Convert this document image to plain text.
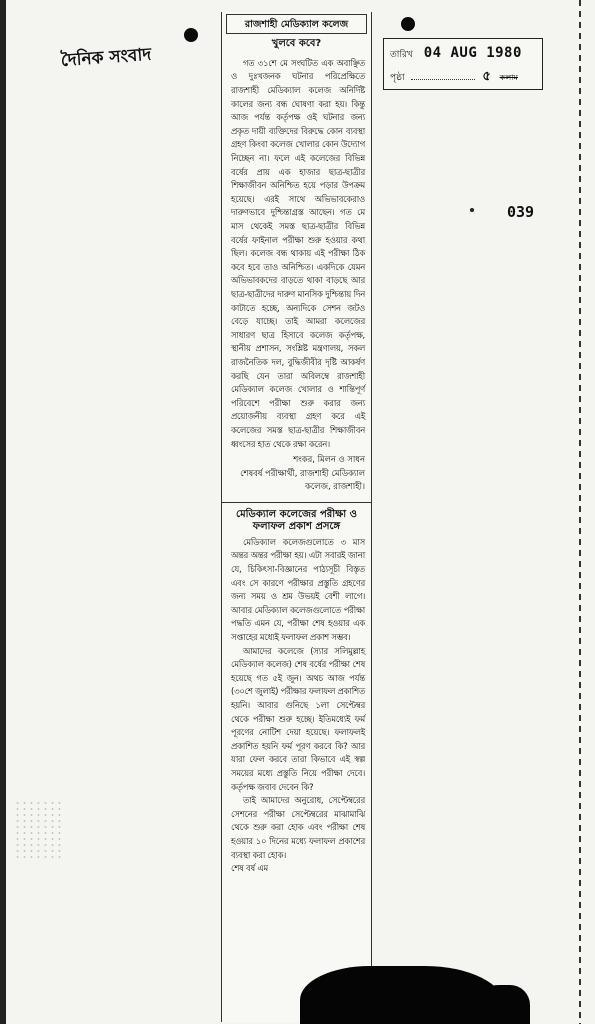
দৈনিক সংবাদ	তারিখ 04 AUG 1980
পৃষ্ঠা	৫ কলাম
039
রাজশাহী মেডিক্যাল কলেজ
খুলবে কবে?
গত ৩১শে মে সংঘটিত এক অবাঞ্ছিত ও দুঃখজনক ঘটনার পরিপ্রেক্ষিতে রাজশাহী মেডিক্যাল কলেজ অনির্দিষ্ট কালের জন্য বন্ধ ঘোষণা করা হয়। কিন্তু আজ পর্যন্ত কর্তৃপক্ষ ওই ঘটনার জন্য প্রকৃত দায়ী ব্যক্তিদের বিরুদ্ধে কোন ব্যবস্থা গ্রহণ কিংবা কলেজ খোলার কোন উদ্যোগ নিচ্ছেন না। ফলে এই কলেজের বিভিন্ন বর্ষের প্রায় এক হাজার ছাত্র-ছাত্রীর শিক্ষাজীবন অনিশ্চিত হয়ে পড়ার উপক্রম হয়েছে। এরই সাথে অভিভাবকেরাও দারুণভাবে দুশ্চিন্তাগ্রস্ত আছেন। গত মে মাস থেকেই সমস্ত ছাত্র-ছাত্রীর বিভিন্ন বর্ষের ফাইনাল পরীক্ষা শুরু হওয়ার কথা ছিল। কলেজ বন্ধ থাকায় এই পরীক্ষা ঠিক কবে হবে তাও অনিশ্চিত। একদিকে যেমন অভিভাবকদের বাড়তে থাকা বাড়ছে আর ছাত্র-ছাত্রীদের দারুণ মানসিক দুশ্চিন্তায় দিন কাটাতে হচ্ছে, অন্যদিকে সেশন জটও বেড়ে যাচ্ছে। তাই আমরা কলেজের সাধারণ ছাত্র হিসাবে কলেজ কর্তৃপক্ষ, স্থানীয় প্রশাসন, সংশ্লিষ্ট মন্ত্রণালয়, সকল রাজনৈতিক দল, বুদ্ধিজীবীর দৃষ্টি আকর্ষণ করছি যেন তারা অবিলম্বে রাজশাহী মেডিক্যাল কলেজ খোলার ও শান্তিপূর্ণ পরিবেশে পরীক্ষা শুরু করার জন্য প্রয়োজনীয় ব্যবস্থা গ্রহণ করে এই কলেজের সমস্ত ছাত্র-ছাত্রীর শিক্ষাজীবন ধ্বংসের হাত থেকে রক্ষা করেন।
শংকর, মিলন ও সাধন
শেষবর্ষ পরীক্ষার্থী, রাজশাহী মেডিক্যাল কলেজ, রাজশাহী।
মেডিক্যাল কলেজের পরীক্ষা ও ফলাফল প্রকাশ প্রসঙ্গে
মেডিক্যাল কলেজগুলোতে ৩ মাস অন্তর অন্তর পরীক্ষা হয়। এটা সবারই জানা যে, চিকিৎসা-বিজ্ঞানের পাঠ্যসূচী বিস্তৃত এবং সে কারণে পরীক্ষার প্রস্তুতি গ্রহণের জন্য সময় ও শ্রম উভয়ই বেশী লাগে। আবার মেডিক্যাল কলেজগুলোতে পরীক্ষা পদ্ধতি এমন যে, পরীক্ষা শেষ হওয়ার এক সপ্তাহের মধ্যেই ফলাফল প্রকাশ সম্ভব।
আমাদের কলেজে (স্যার সলিমুল্লাহ মেডিক্যাল কলেজ) শেষ বর্ষের পরীক্ষা শেষ হয়েছে গত ৫ই জুন। অথচ আজ পর্যন্ত (৩০শে জুলাই) পরীক্ষার ফলাফল প্রকাশিত হয়নি। আবার গুনিছে ১লা সেপ্টেম্বর থেকে পরীক্ষা শুরু হচ্ছে। ইতিমধ্যেই ফর্ম পূরণের নোটিশ দেয়া হয়েছে। ফলাফলই প্রকাশিত হয়নি ফর্ম পূরণ করবে কি? আর যারা ফেল করবে তারা কিভাবে এই স্বল্প সময়ের মধ্যে প্রস্তুতি নিয়ে পরীক্ষা দেবে। কর্তৃপক্ষ জবাব দেবেন কি?
তাই আমাদের অনুরোধ, সেপ্টেম্বরের সেশনের পরীক্ষা সেপ্টেম্বরের মাঝামাঝি থেকে শুরু করা হোক এবং পরীক্ষা শেষ হওয়ার ১০ দিনের মধ্যে ফলাফল প্রকাশের ব্যবস্থা করা হোক।
শেষ বর্ষ এম
